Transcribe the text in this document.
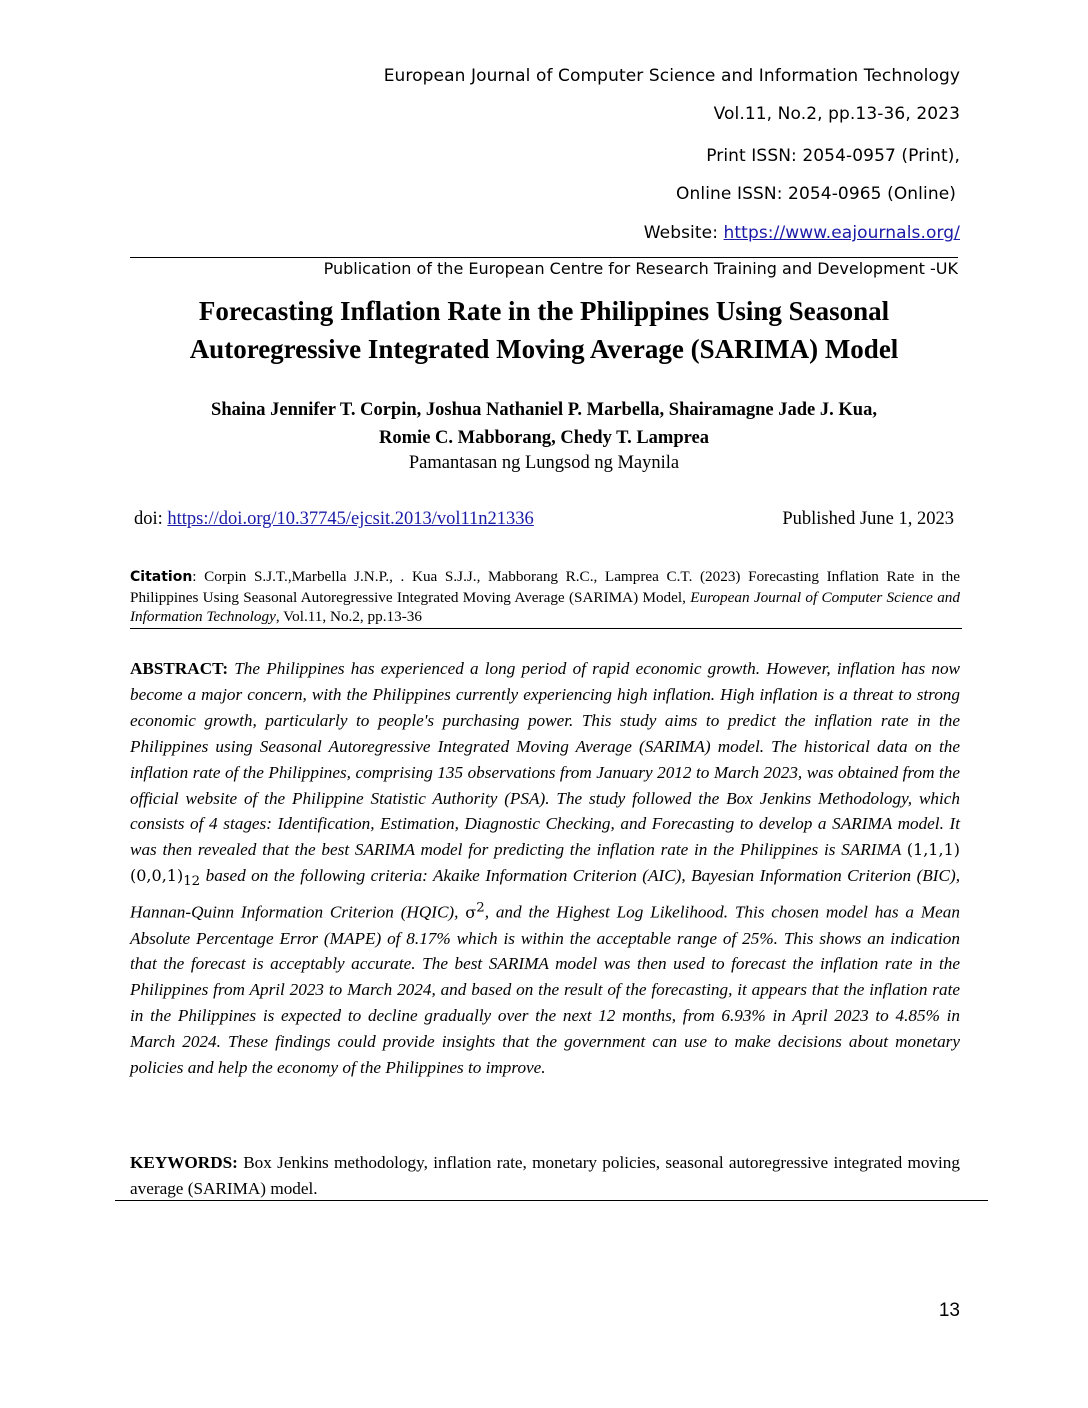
European Journal of Computer Science and Information Technology
Vol.11, No.2, pp.13-36, 2023
Print ISSN: 2054-0957 (Print),
Online ISSN: 2054-0965 (Online)
Website: https://www.eajournals.org/
Publication of the European Centre for Research Training and Development -UK
Forecasting Inflation Rate in the Philippines Using Seasonal
Autoregressive Integrated Moving Average (SARIMA) Model
Shaina Jennifer T. Corpin, Joshua Nathaniel P. Marbella, Shairamagne Jade J. Kua,
Romie C. Mabborang, Chedy T. Lamprea
Pamantasan ng Lungsod ng Maynila
doi: https://doi.org/10.37745/ejcsit.2013/vol11n21336	Published June 1, 2023
Citation: Corpin S.J.T.,Marbella J.N.P., . Kua S.J.J., Mabborang R.C., Lamprea C.T. (2023) Forecasting Inflation Rate in the Philippines Using Seasonal Autoregressive Integrated Moving Average (SARIMA) Model, European Journal of Computer Science and Information Technology, Vol.11, No.2, pp.13-36
ABSTRACT: The Philippines has experienced a long period of rapid economic growth. However, inflation has now become a major concern, with the Philippines currently experiencing high inflation. High inflation is a threat to strong economic growth, particularly to people's purchasing power. This study aims to predict the inflation rate in the Philippines using Seasonal Autoregressive Integrated Moving Average (SARIMA) model. The historical data on the inflation rate of the Philippines, comprising 135 observations from January 2012 to March 2023, was obtained from the official website of the Philippine Statistic Authority (PSA). The study followed the Box Jenkins Methodology, which consists of 4 stages: Identification, Estimation, Diagnostic Checking, and Forecasting to develop a SARIMA model. It was then revealed that the best SARIMA model for predicting the inflation rate in the Philippines is SARIMA $(1,1,1)(0,0,1)_{12}$ based on the following criteria: Akaike Information Criterion (AIC), Bayesian Information Criterion (BIC), Hannan-Quinn Information Criterion (HQIC), $\sigma^2$, and the Highest Log Likelihood. This chosen model has a Mean Absolute Percentage Error (MAPE) of 8.17% which is within the acceptable range of 25%. This shows an indication that the forecast is acceptably accurate. The best SARIMA model was then used to forecast the inflation rate in the Philippines from April 2023 to March 2024, and based on the result of the forecasting, it appears that the inflation rate in the Philippines is expected to decline gradually over the next 12 months, from 6.93% in April 2023 to 4.85% in March 2024. These findings could provide insights that the government can use to make decisions about monetary policies and help the economy of the Philippines to improve.
KEYWORDS: Box Jenkins methodology, inflation rate, monetary policies, seasonal autoregressive integrated moving average (SARIMA) model.
13
